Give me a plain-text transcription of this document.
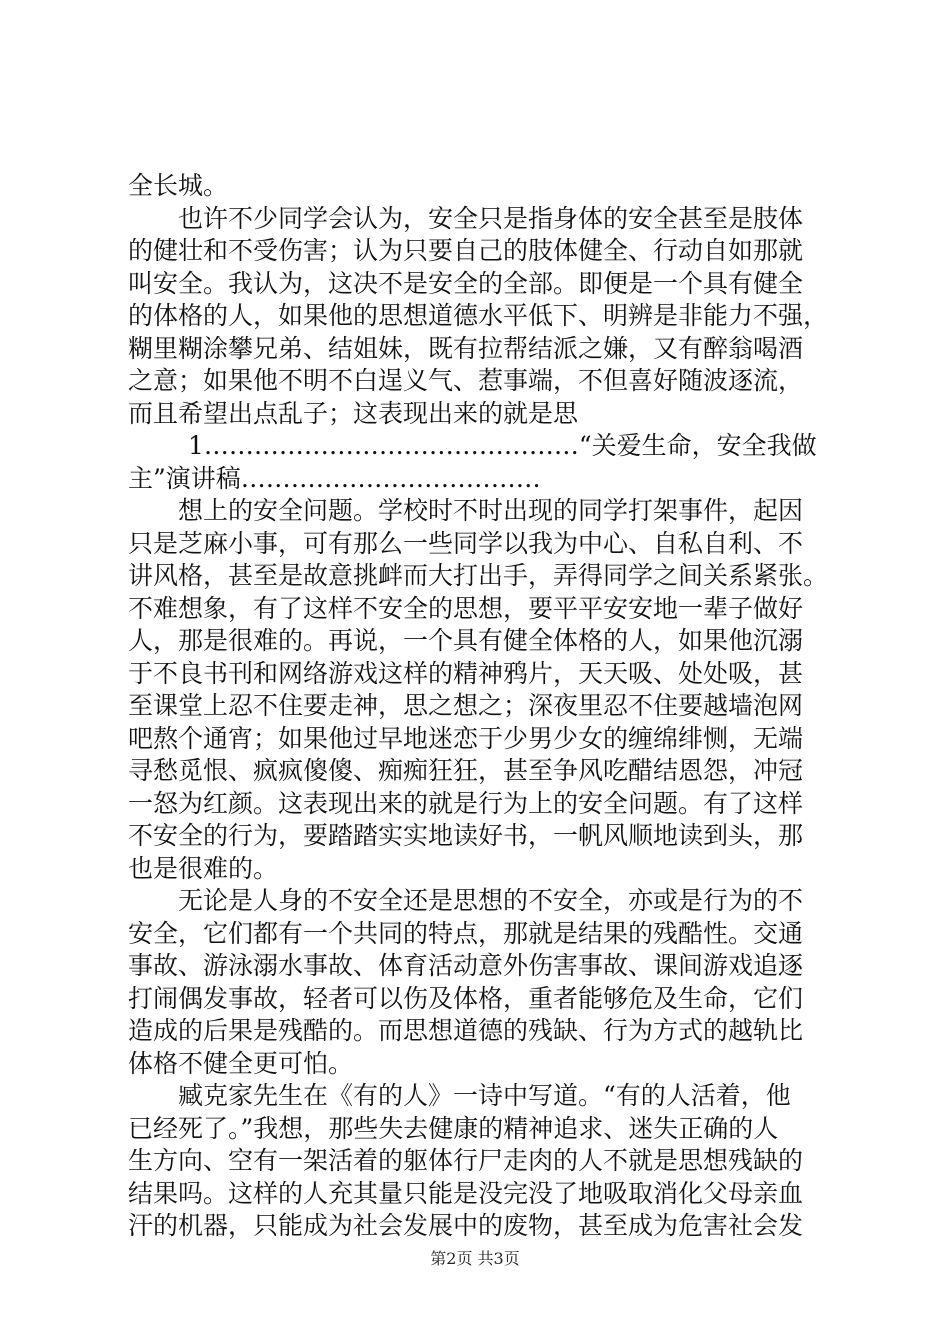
全长城。
也许不少同学会认为，安全只是指身体的安全甚至是肢体
的健壮和不受伤害；认为只要自己的肢体健全、行动自如那就
叫安全。我认为，这决不是安全的全部。即便是一个具有健全
的体格的人，如果他的思想道德水平低下、明辨是非能力不强，
糊里糊涂攀兄弟、结姐妹，既有拉帮结派之嫌，又有醉翁喝酒
之意；如果他不明不白逞义气、惹事端，不但喜好随波逐流，
而且希望出点乱子；这表现出来的就是思
1………………………………………“关爱生命，安全我做
主”演讲稿………………………………
想上的安全问题。学校时不时出现的同学打架事件，起因
只是芝麻小事，可有那么一些同学以我为中心、自私自利、不
讲风格，甚至是故意挑衅而大打出手，弄得同学之间关系紧张。
不难想象，有了这样不安全的思想，要平平安安地一辈子做好
人，那是很难的。再说，一个具有健全体格的人，如果他沉溺
于不良书刊和网络游戏这样的精神鸦片，天天吸、处处吸，甚
至课堂上忍不住要走神，思之想之；深夜里忍不住要越墙泡网
吧熬个通宵；如果他过早地迷恋于少男少女的缠绵绯恻，无端
寻愁觅恨、疯疯傻傻、痴痴狂狂，甚至争风吃醋结恩怨，冲冠
一怒为红颜。这表现出来的就是行为上的安全问题。有了这样
不安全的行为，要踏踏实实地读好书，一帆风顺地读到头，那
也是很难的。
无论是人身的不安全还是思想的不安全，亦或是行为的不
安全，它们都有一个共同的特点，那就是结果的残酷性。交通
事故、游泳溺水事故、体育活动意外伤害事故、课间游戏追逐
打闹偶发事故，轻者可以伤及体格，重者能够危及生命，它们
造成的后果是残酷的。而思想道德的残缺、行为方式的越轨比
体格不健全更可怕。
臧克家先生在《有的人》一诗中写道。“有的人活着，他
已经死了。”我想，那些失去健康的精神追求、迷失正确的人
生方向、空有一架活着的躯体行尸走肉的人不就是思想残缺的
结果吗。这样的人充其量只能是没完没了地吸取消化父母亲血
汗的机器，只能成为社会发展中的废物，甚至成为危害社会发
第2页 共3页
